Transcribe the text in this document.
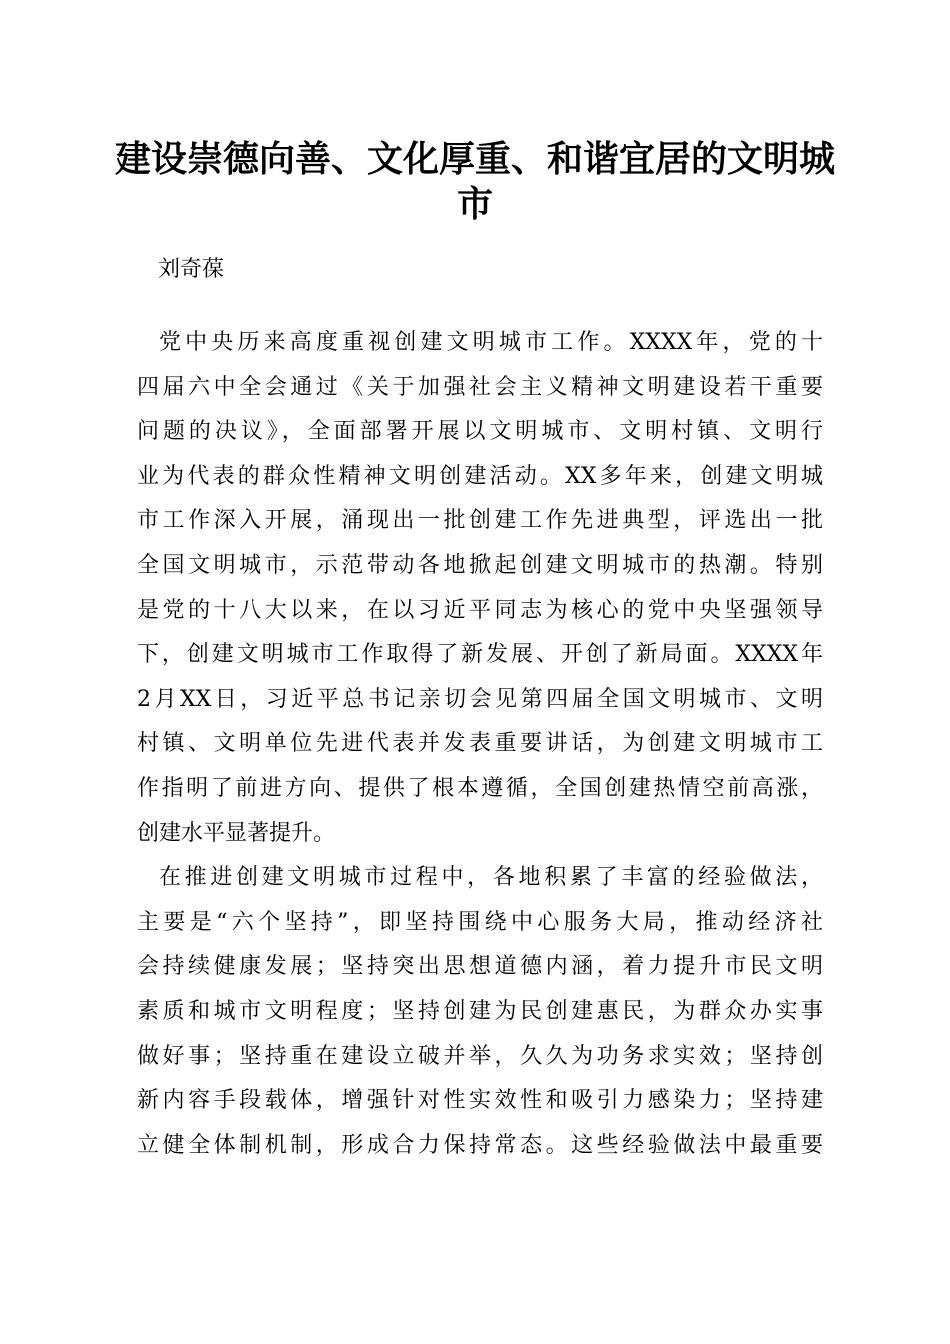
建设崇德向善、文化厚重、和谐宜居的文明城
市
刘奇葆
党中央历来高度重视创建文明城市工作。XXXX年，党的十
四届六中全会通过《关于加强社会主义精神文明建设若干重要
问题的决议》，全面部署开展以文明城市、文明村镇、文明行
业为代表的群众性精神文明创建活动。XX多年来，创建文明城
市工作深入开展，涌现出一批创建工作先进典型，评选出一批
全国文明城市，示范带动各地掀起创建文明城市的热潮。特别
是党的十八大以来，在以习近平同志为核心的党中央坚强领导
下，创建文明城市工作取得了新发展、开创了新局面。XXXX年
2月XX日，习近平总书记亲切会见第四届全国文明城市、文明
村镇、文明单位先进代表并发表重要讲话，为创建文明城市工
作指明了前进方向、提供了根本遵循，全国创建热情空前高涨，
创建水平显著提升。
在推进创建文明城市过程中，各地积累了丰富的经验做法，
主要是“六个坚持”，即坚持围绕中心服务大局，推动经济社
会持续健康发展；坚持突出思想道德内涵，着力提升市民文明
素质和城市文明程度；坚持创建为民创建惠民，为群众办实事
做好事；坚持重在建设立破并举，久久为功务求实效；坚持创
新内容手段载体，增强针对性实效性和吸引力感染力；坚持建
立健全体制机制，形成合力保持常态。这些经验做法中最重要
